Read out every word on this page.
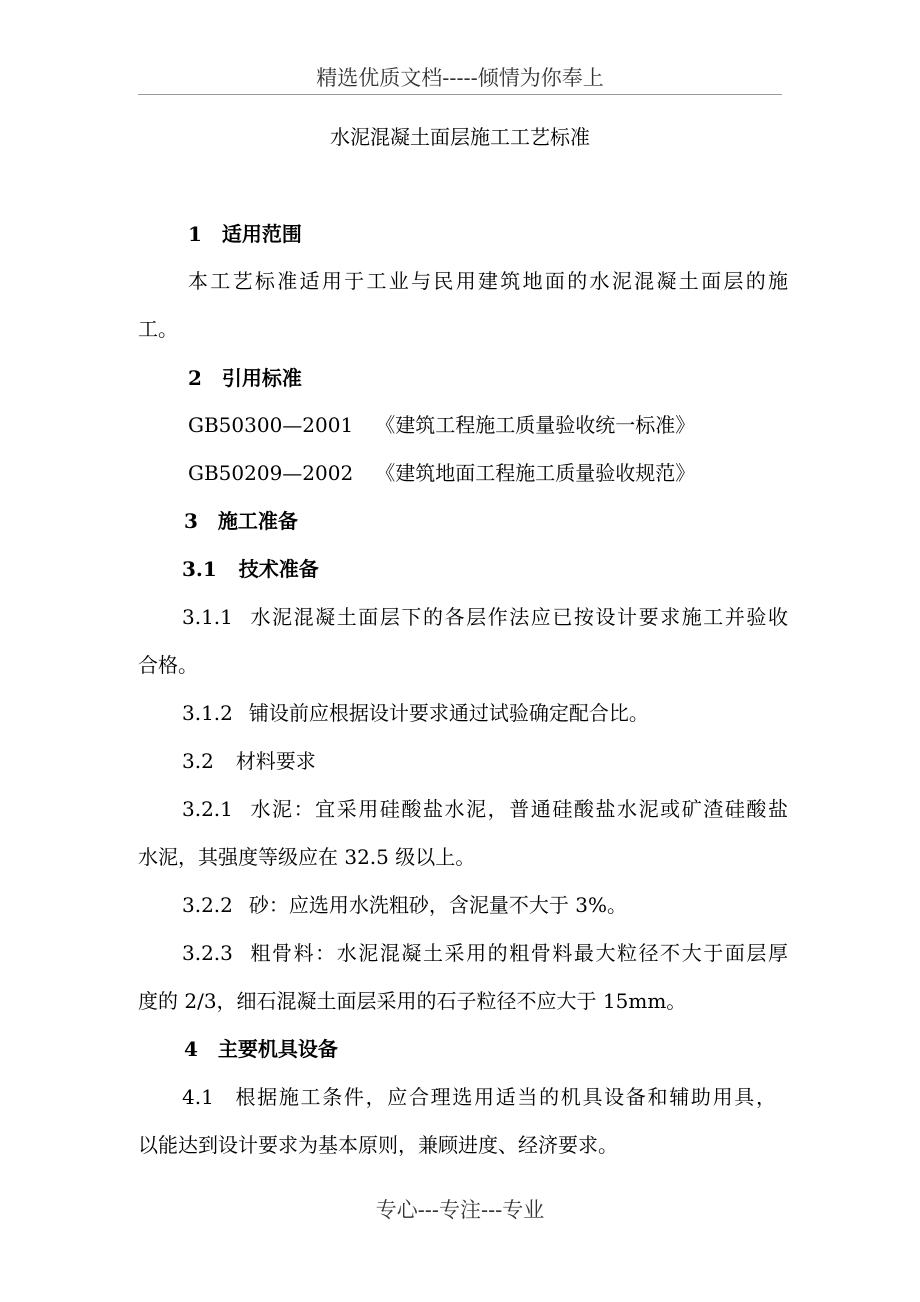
精选优质文档-----倾情为你奉上
水泥混凝土面层施工工艺标准
1 适用范围
本工艺标准适用于工业与民用建筑地面的水泥混凝土面层的施
工。
2 引用标准
GB50300—2001 《建筑工程施工质量验收统一标准》
GB50209—2002 《建筑地面工程施工质量验收规范》
3 施工准备
3.1 技术准备
3.1.1 水泥混凝土面层下的各层作法应已按设计要求施工并验收
合格。
3.1.2 铺设前应根据设计要求通过试验确定配合比。
3.2 材料要求
3.2.1 水泥：宜采用硅酸盐水泥，普通硅酸盐水泥或矿渣硅酸盐
水泥，其强度等级应在 32.5 级以上。
3.2.2 砂：应选用水洗粗砂，含泥量不大于 3%。
3.2.3 粗骨料：水泥混凝土采用的粗骨料最大粒径不大于面层厚
度的 2/3，细石混凝土面层采用的石子粒径不应大于 15mm。
4 主要机具设备
4.1 根据施工条件，应合理选用适当的机具设备和辅助用具，
以能达到设计要求为基本原则，兼顾进度、经济要求。
专心---专注---专业
